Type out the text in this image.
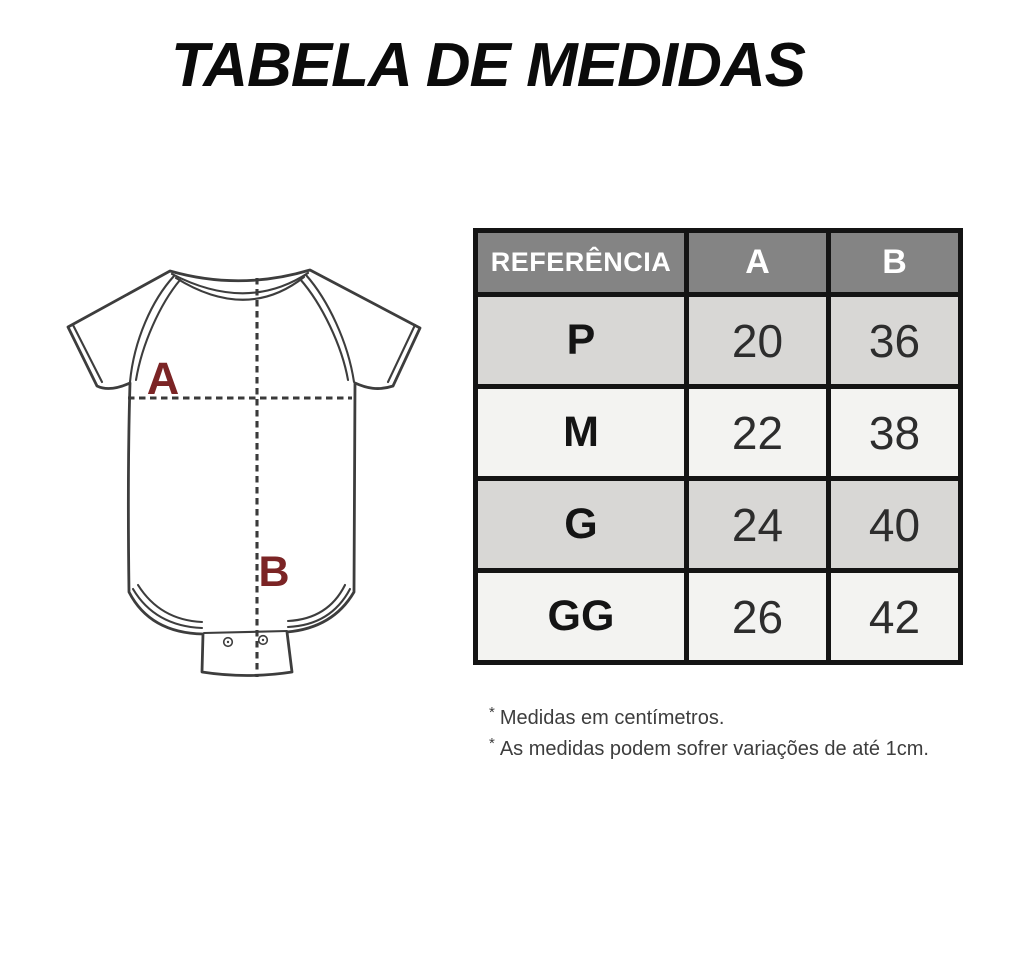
TABELA DE MEDIDAS
A
B
REFERÊNCIA	A	B
P	20	36
M	22	38
G	24	40
GG	26	42
* Medidas em centímetros.
* As medidas podem sofrer variações de até 1cm.
